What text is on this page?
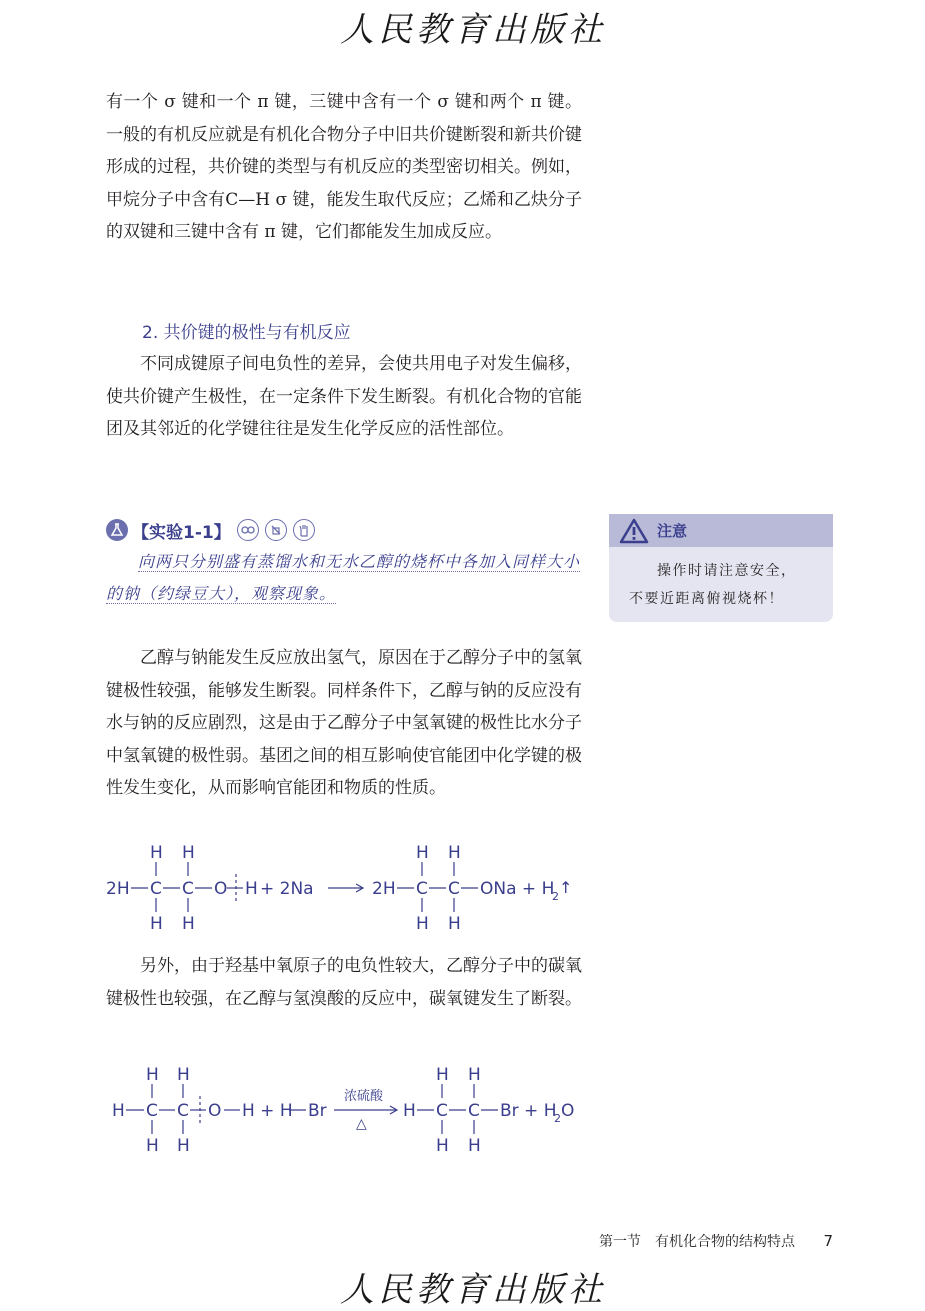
人民教育出版社
有一个 σ 键和一个 π 键，三键中含有一个 σ 键和两个 π 键。一般的有机反应就是有机化合物分子中旧共价键断裂和新共价键形成的过程，共价键的类型与有机反应的类型密切相关。例如，甲烷分子中含有C—H σ 键，能发生取代反应；乙烯和乙炔分子的双键和三键中含有 π 键，它们都能发生加成反应。
2. 共价键的极性与有机反应
不同成键原子间电负性的差异，会使共用电子对发生偏移，使共价键产生极性，在一定条件下发生断裂。有机化合物的官能团及其邻近的化学键往往是发生化学反应的活性部位。
【实验1-1】
向两只分别盛有蒸馏水和无水乙醇的烧杯中各加入同样大小的钠（约绿豆大），观察现象。
注意

操作时请注意安全，

不要近距离俯视烧杯！

乙醇与钠能发生反应放出氢气，原因在于乙醇分子中的氢氧键极性较强，能够发生断裂。同样条件下，乙醇与钠的反应没有水与钠的反应剧烈，这是由于乙醇分子中氢氧键的极性比水分子中氢氧键的极性弱。基团之间的相互影响使官能团中化学键的极性发生变化，从而影响官能团和物质的性质。
H H
H H
2H C C O H + 2Na
H H
H H
2H C C ONa + H
2 ↑
另外，由于羟基中氧原子的电负性较大，乙醇分子中的碳氧键极性也较强，在乙醇与氢溴酸的反应中，碳氧键发生了断裂。
H H
H H
H C C O H + H Br
浓硫酸
△
H
H H
H H
C C Br + H
2 O
第一节　有机化合物的结构特点 7
人民教育出版社
